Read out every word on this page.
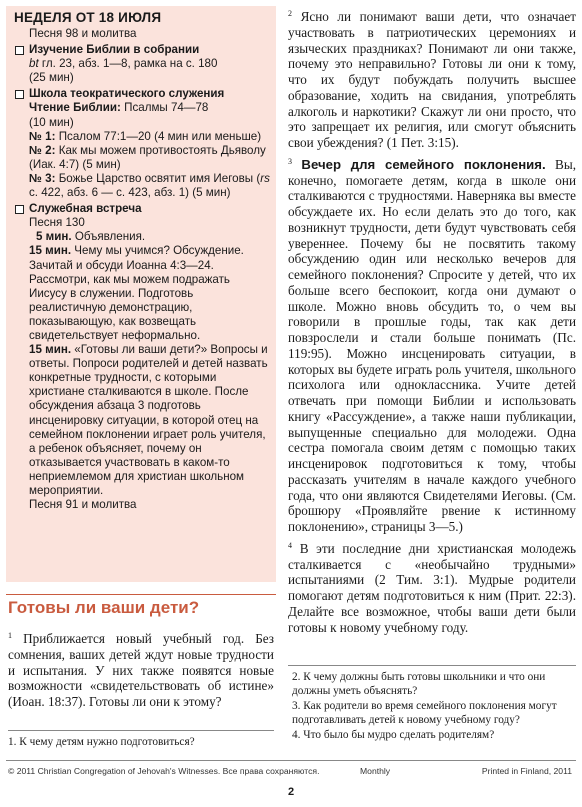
НЕДЕЛЯ ОТ 18 ИЮЛЯ

Песня 98 и молитва

Изучение Библии в собрании

bt гл. 23, абз. 1—8, рамка на с. 180

(25 мин)

Школа теократического служения

Чтение Библии: Псалмы 74—78

(10 мин)

№ 1: Псалом 77:1—20 (4 мин или меньше)

№ 2: Как мы можем противостоять Дьяволу (Иак. 4:7) (5 мин)

№ 3: Божье Царство освятит имя Иеговы (rs с. 422, абз. 6 — с. 423, абз. 1) (5 мин)

Служебная встреча

Песня 130

5 мин. Объявления.

15 мин. Чему мы учимся? Обсуждение. Зачитай и обсуди Иоанна 4:3—24. Рассмотри, как мы можем подражать Иисусу в служении. Подготовь реалистичную демонстрацию, показывающую, как возвещать свидетельствует неформально.

15 мин. «Готовы ли ваши дети?» Вопросы и ответы. Попроси родителей и детей назвать конкретные трудности, с которыми христиане сталкиваются в школе. После обсуждения абзаца 3 подготовь инсценировку ситуации, в которой отец на семейном поклонении играет роль учителя, а ребенок объясняет, почему он отказывается участвовать в каком-то неприемлемом для христиан школьном мероприятии.

Песня 91 и молитва

Готовы ли ваши дети?

$^1$ Приближается новый учебный год. Без сомнения, ваших детей ждут новые трудности и испытания. У них также появятся новые возможности «свидетельствовать об истине» (Иоан. 18:37). Готовы ли они к этому?

1. К чему детям нужно подготовиться?

$^2$ Ясно ли понимают ваши дети, что означает участвовать в патриотических церемониях и языческих праздниках? Понимают ли они также, почему это неправильно? Готовы ли они к тому, что их будут побуждать получить высшее образование, ходить на свидания, употреблять алкоголь и наркотики? Скажут ли они просто, что это запрещает их религия, или смогут объяснить свои убеждения? (1 Пет. 3:15).

$^3$ Вечер для семейного поклонения. Вы, конечно, помогаете детям, когда в школе они сталкиваются с трудностями. Наверняка вы вместе обсуждаете их. Но если делать это до того, как возникнут трудности, дети будут чувствовать себя увереннее. Почему бы не посвятить такому обсуждению один или несколько вечеров для семейного поклонения? Спросите у детей, что их больше всего беспокоит, когда они думают о школе. Можно вновь обсудить то, о чем вы говорили в прошлые годы, так как дети повзрослели и стали больше понимать (Пс. 119:95). Можно инсценировать ситуации, в которых вы будете играть роль учителя, школьного психолога или одноклассника. Учите детей отвечать при помощи Библии и использовать книгу «Рассуждение», а также наши публикации, выпущенные специально для молодежи. Одна сестра помогала своим детям с помощью таких инсценировок подготовиться к тому, чтобы рассказать учителям в начале каждого учебного года, что они являются Свидетелями Иеговы. (См. брошюру «Проявляйте рвение к истинному поклонению», страницы 3—5.)

$^4$ В эти последние дни христианская молодежь сталкивается с «необычайно трудными» испытаниями (2 Тим. 3:1). Мудрые родители помогают детям подготовиться к ним (Прит. 22:3). Делайте все возможное, чтобы ваши дети были готовы к новому учебному году.

2. К чему должны быть готовы школьники и что они должны уметь объяснять?

3. Как родители во время семейного поклонения могут подготавливать детей к новому учебному году?

4. Что было бы мудро сделать родителям?

© 2011 Christian Congregation of Jehovah's Witnesses. Все права сохраняются.	Monthly	Printed in Finland, 2011
2
